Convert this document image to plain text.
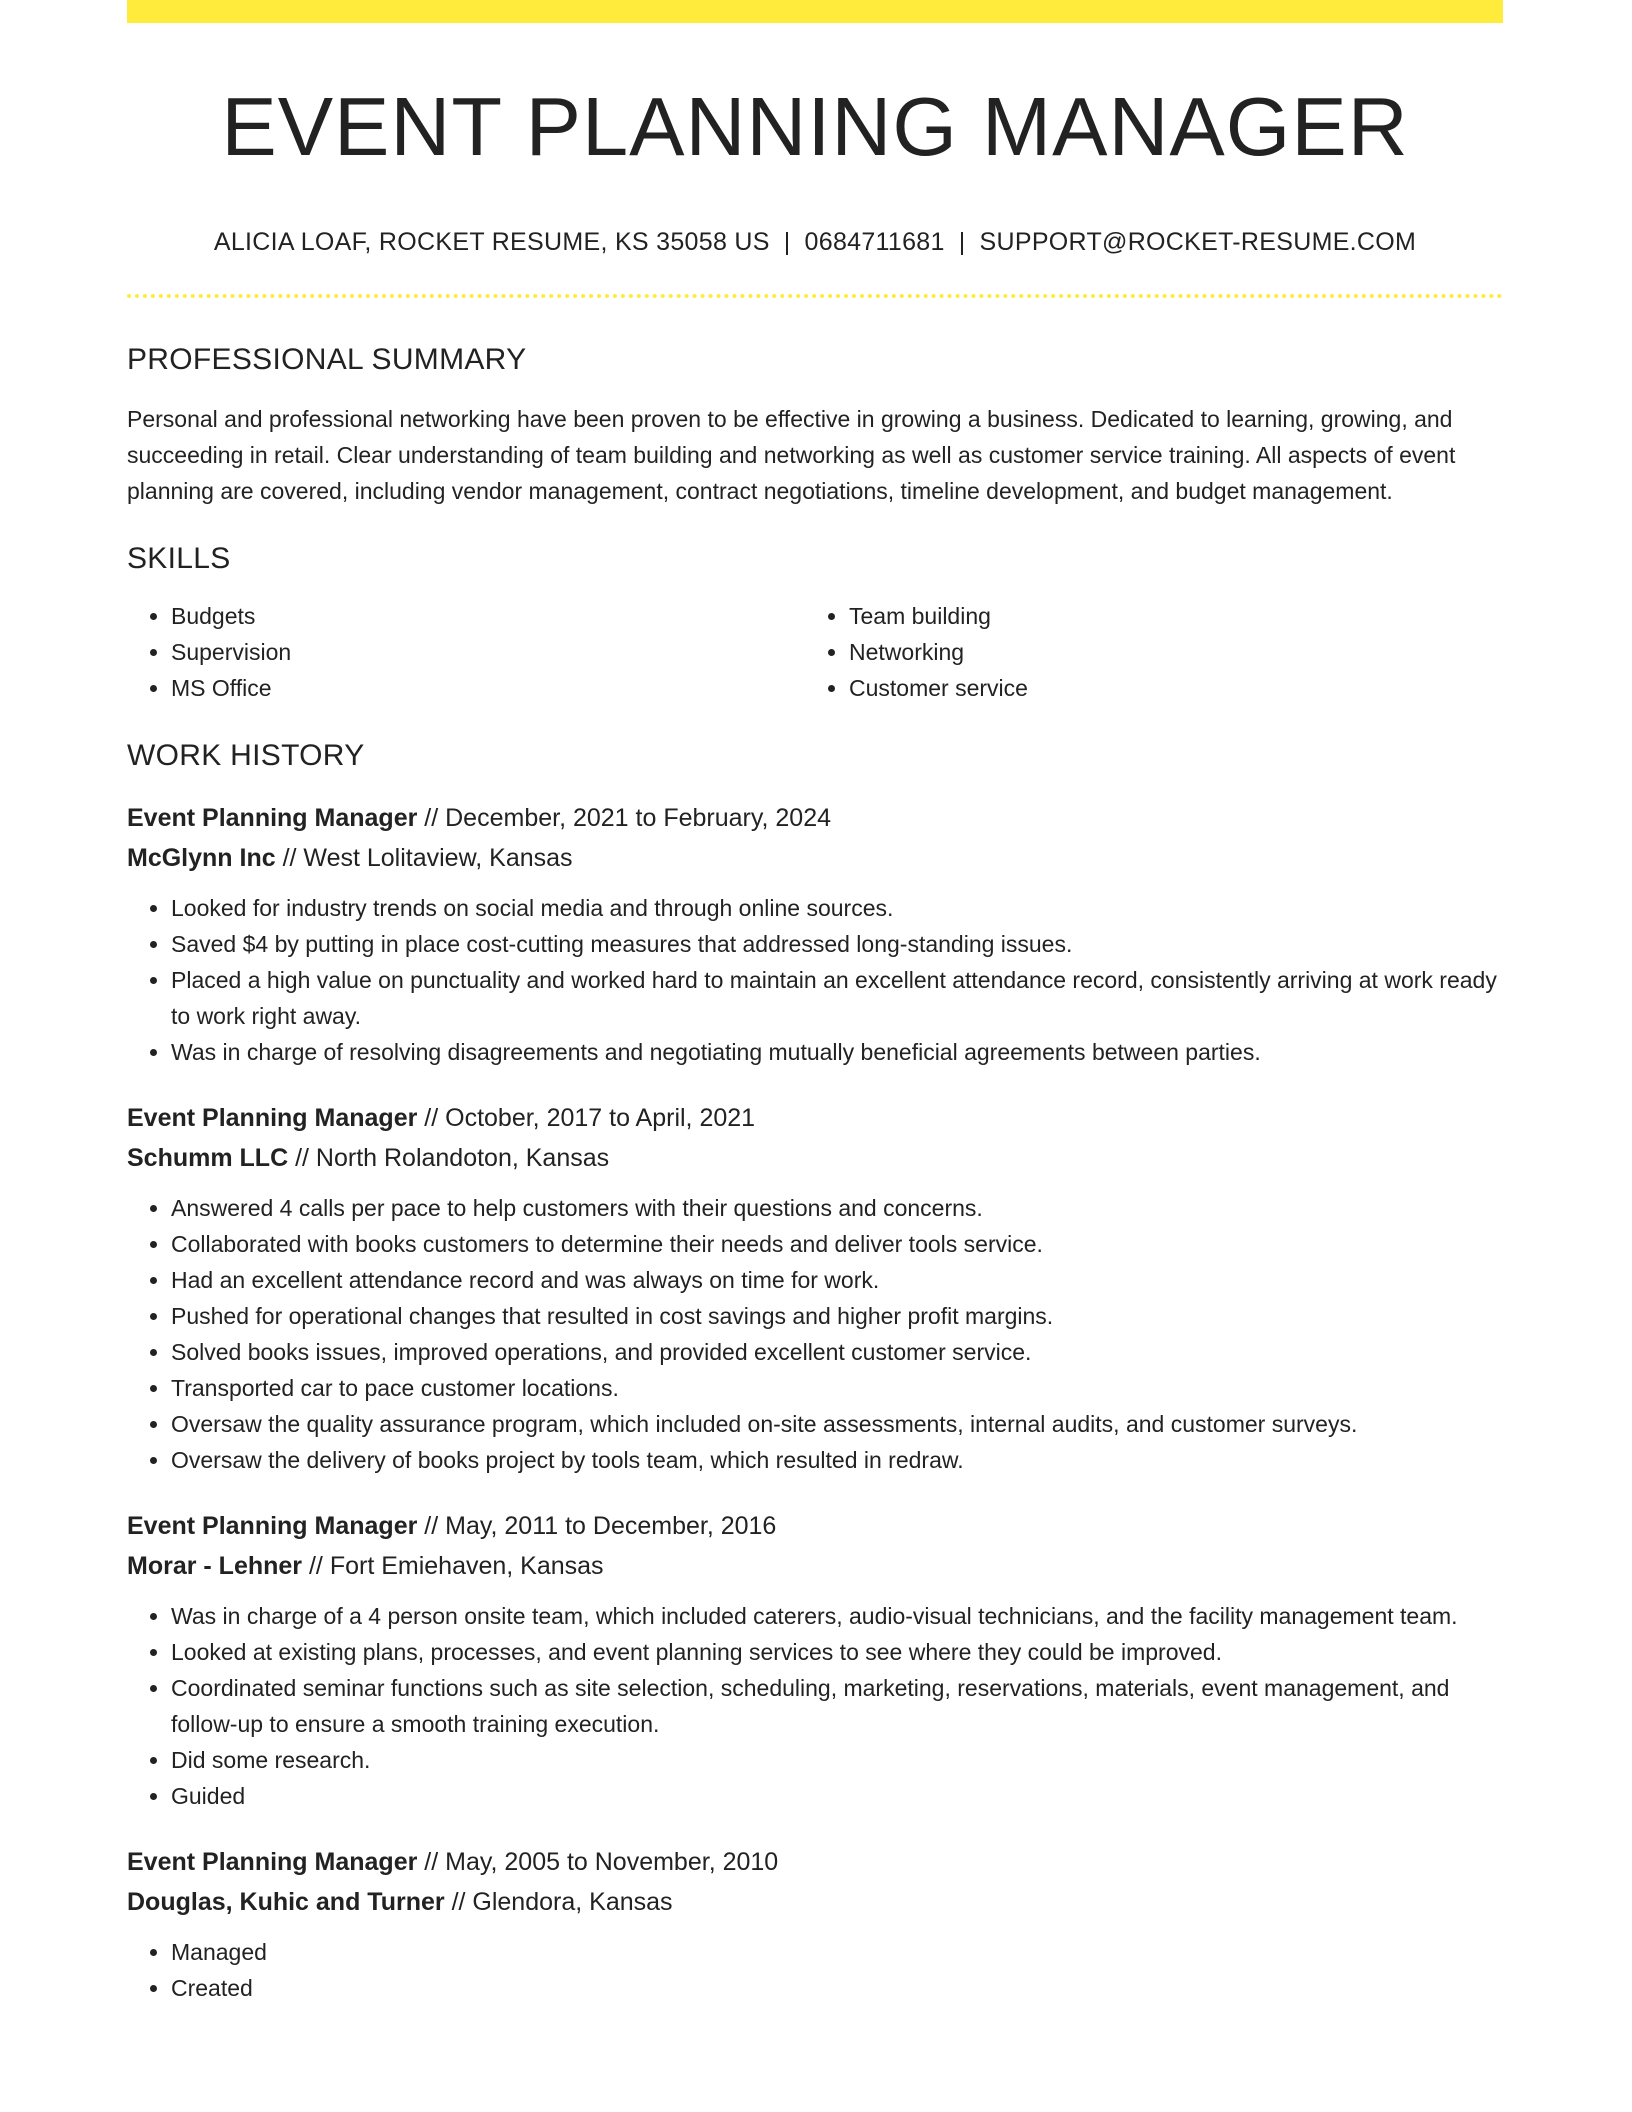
EVENT PLANNING MANAGER
ALICIA LOAF, ROCKET RESUME, KS 35058 US | 0684711681 | SUPPORT@ROCKET-RESUME.COM
PROFESSIONAL SUMMARY

Personal and professional networking have been proven to be effective in growing a business. Dedicated to learning, growing, and succeeding in retail. Clear understanding of team building and networking as well as customer service training. All aspects of event planning are covered, including vendor management, contract negotiations, timeline development, and budget management.

SKILLS
• Budgets
• Supervision
• MS Office
• Team building
• Networking
• Customer service
WORK HISTORY
Event Planning Manager // December, 2021 to February, 2024
McGlynn Inc // West Lolitaview, Kansas
• Looked for industry trends on social media and through online sources.
• Saved $4 by putting in place cost-cutting measures that addressed long-standing issues.
• Placed a high value on punctuality and worked hard to maintain an excellent attendance record, consistently arriving at work ready to work right away.
• Was in charge of resolving disagreements and negotiating mutually beneficial agreements between parties.
Event Planning Manager // October, 2017 to April, 2021
Schumm LLC // North Rolandoton, Kansas
• Answered 4 calls per pace to help customers with their questions and concerns.
• Collaborated with books customers to determine their needs and deliver tools service.
• Had an excellent attendance record and was always on time for work.
• Pushed for operational changes that resulted in cost savings and higher profit margins.
• Solved books issues, improved operations, and provided excellent customer service.
• Transported car to pace customer locations.
• Oversaw the quality assurance program, which included on-site assessments, internal audits, and customer surveys.
• Oversaw the delivery of books project by tools team, which resulted in redraw.
Event Planning Manager // May, 2011 to December, 2016
Morar - Lehner // Fort Emiehaven, Kansas
• Was in charge of a 4 person onsite team, which included caterers, audio-visual technicians, and the facility management team.
• Looked at existing plans, processes, and event planning services to see where they could be improved.
• Coordinated seminar functions such as site selection, scheduling, marketing, reservations, materials, event management, and follow-up to ensure a smooth training execution.
• Did some research.
• Guided
Event Planning Manager // May, 2005 to November, 2010
Douglas, Kuhic and Turner // Glendora, Kansas
• Managed
• Created
